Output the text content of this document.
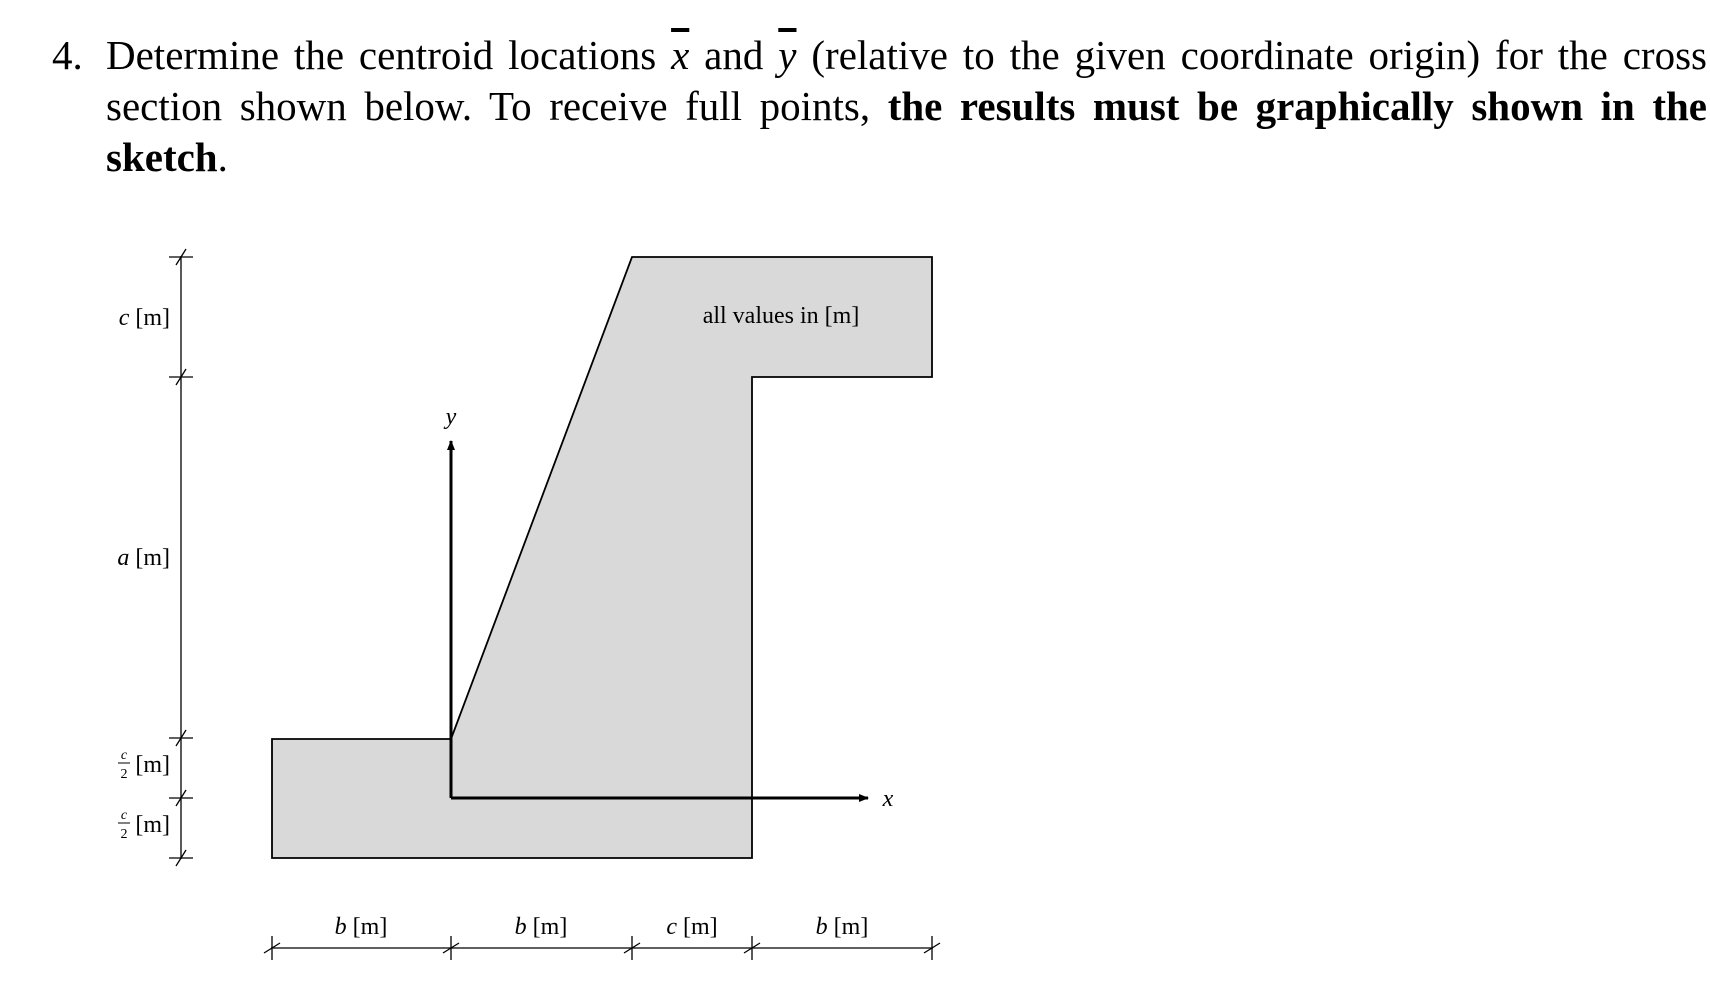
4. Determine the centroid locations $\overline{x}$ and $\overline{y}$ (relative to the given coordinate origin) for the cross section shown below. To receive full points, the results must be graphically shown in the sketch.
all values in [m]
x
y
c [m]
a [m]
c
2 [m]
c
2 [m]
b [m]	b [m]	c [m]	b [m]
